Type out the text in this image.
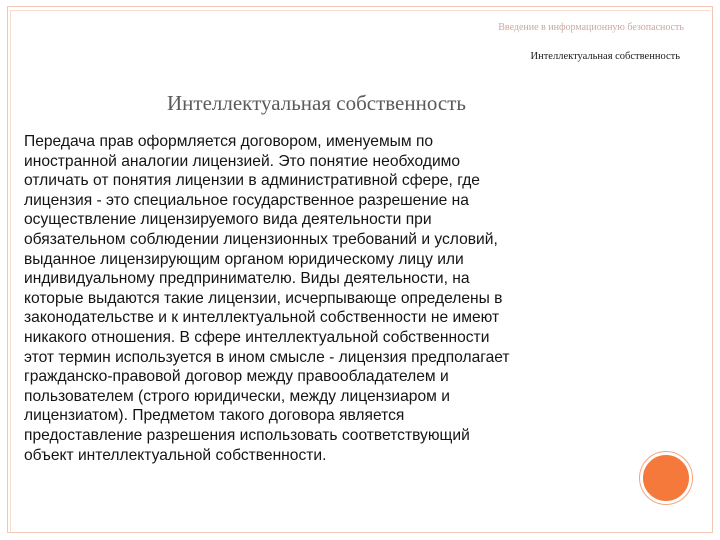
Введение в информационную безопасность
Интеллектуальная собственность
Интеллектуальная собственность

Передача прав оформляется договором, именуемым по
иностранной аналогии лицензией. Это понятие необходимо
отличать от понятия лицензии в административной сфере, где
лицензия - это специальное государственное разрешение на
осуществление лицензируемого вида деятельности при
обязательном соблюдении лицензионных требований и условий,
выданное лицензирующим органом юридическому лицу или
индивидуальному предпринимателю. Виды деятельности, на
которые выдаются такие лицензии, исчерпывающе определены в
законодательстве и к интеллектуальной собственности не имеют
никакого отношения. В сфере интеллектуальной собственности
этот термин используется в ином смысле - лицензия предполагает
гражданско-правовой договор между правообладателем и
пользователем (строго юридически, между лицензиаром и
лицензиатом). Предметом такого договора является
предоставление разрешения использовать соответствующий
объект интеллектуальной собственности.
